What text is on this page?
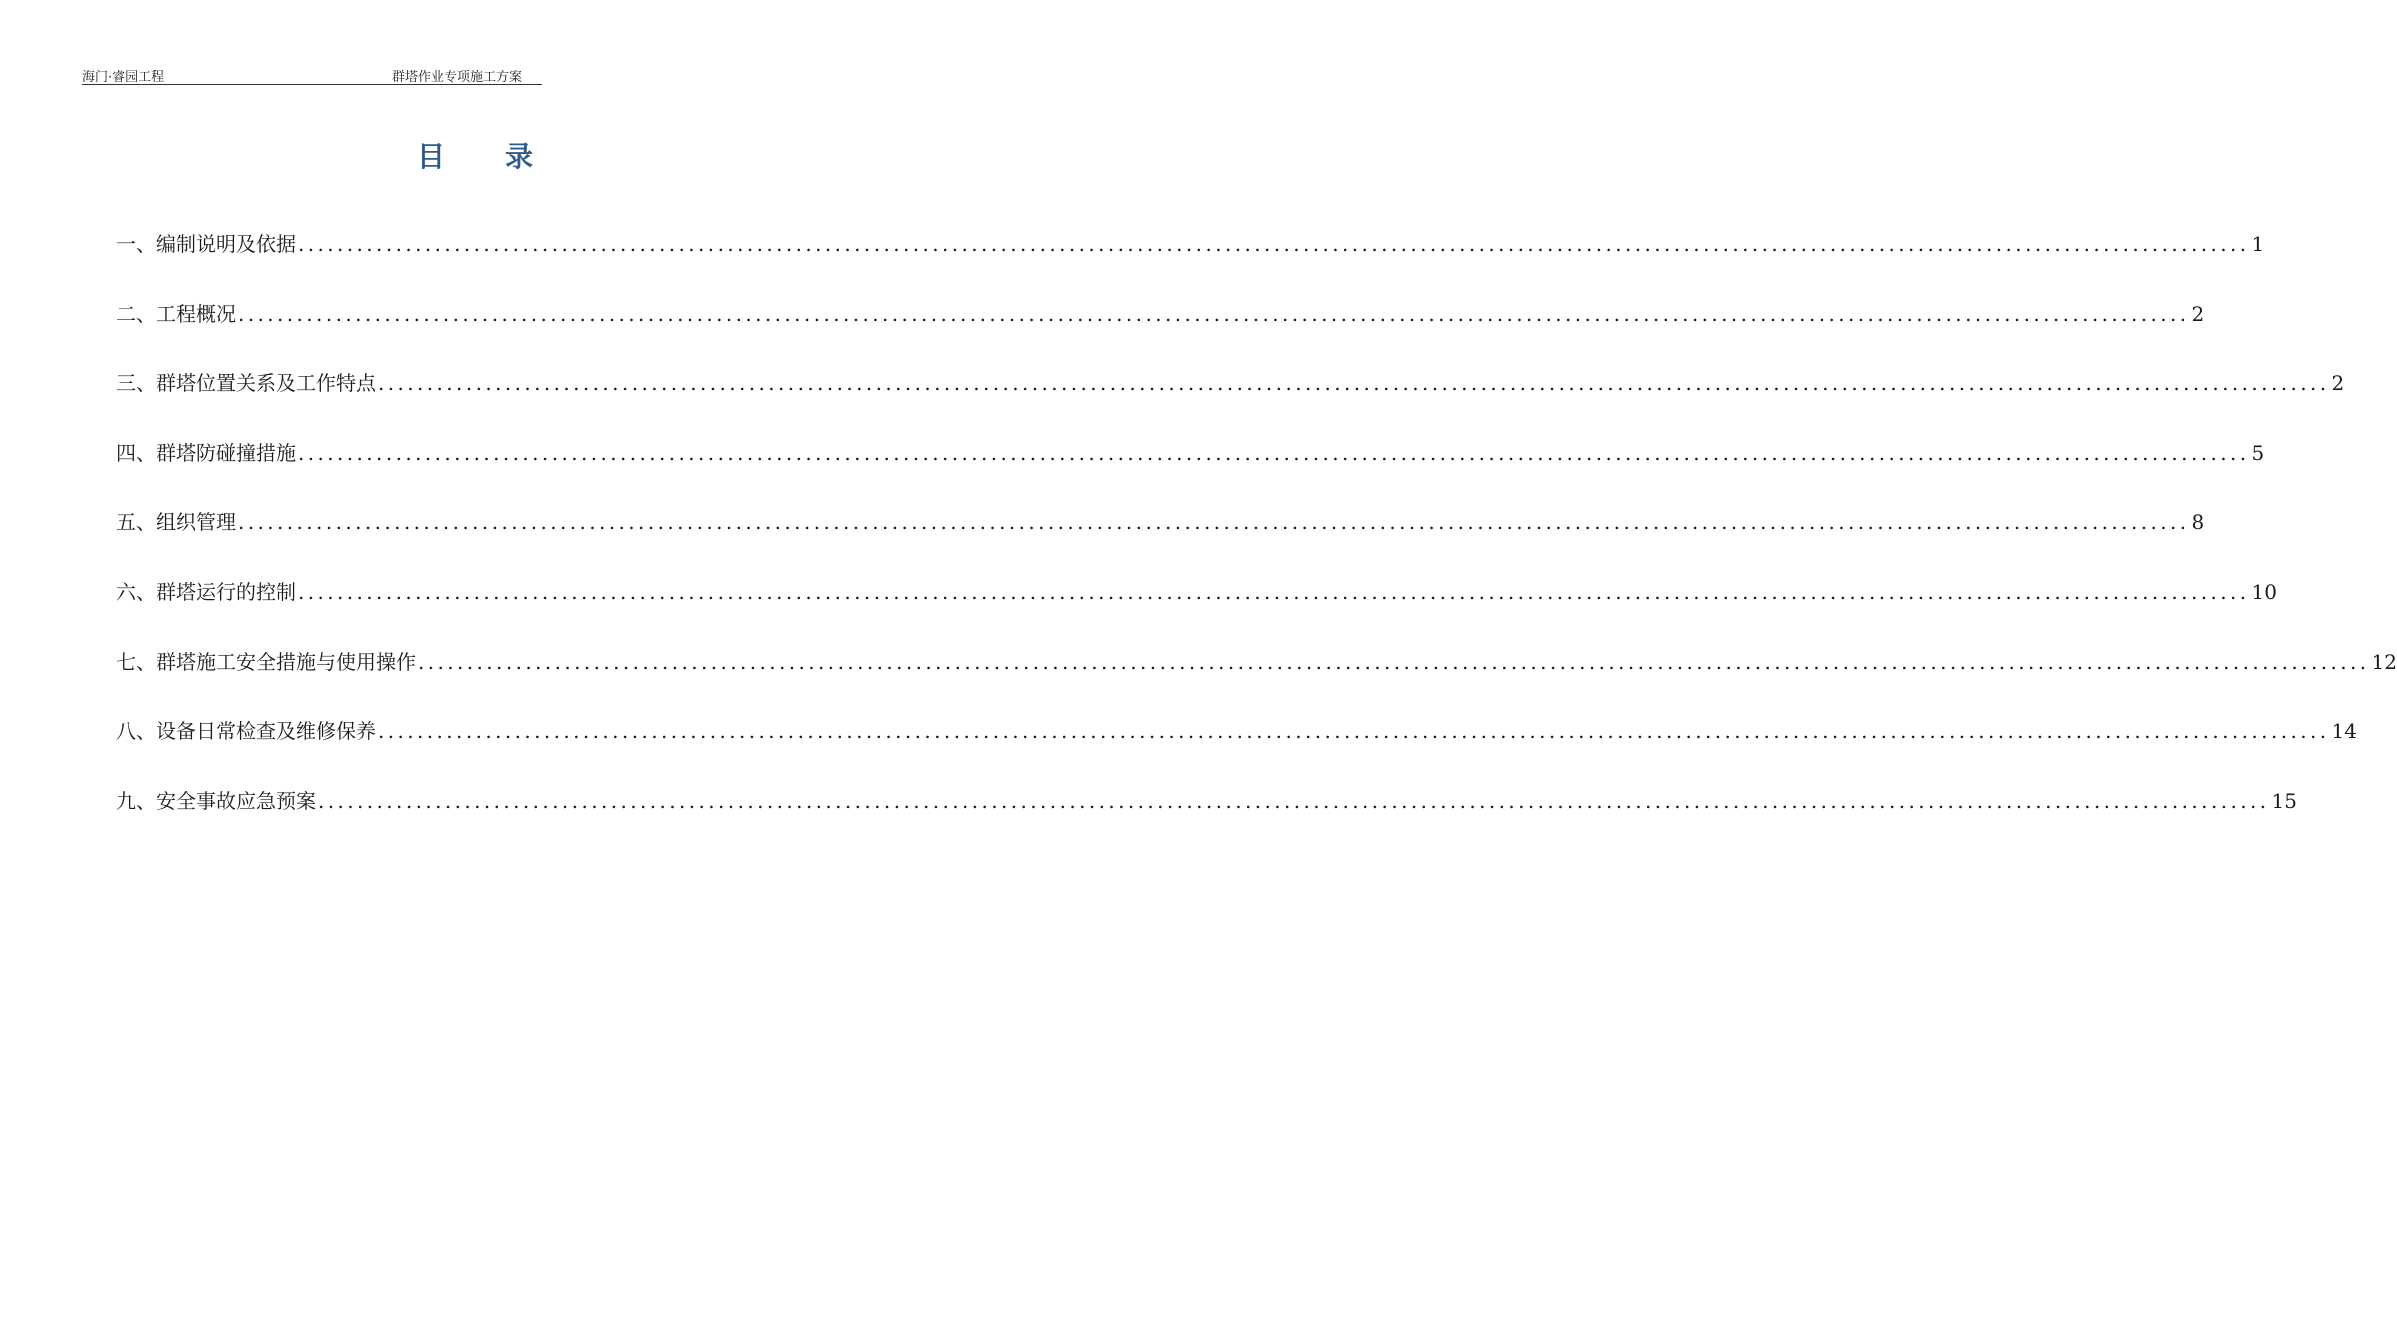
海门·睿园工程	群塔作业专项施工方案
目 录
一、编制说明及依据 ........................................................................................................................................................................................................ 1
二、工程概况 ........................................................................................................................................................................................................ 2
三、群塔位置关系及工作特点 ........................................................................................................................................................................................................ 2
四、群塔防碰撞措施 ........................................................................................................................................................................................................ 5
五、组织管理 ........................................................................................................................................................................................................ 8
六、群塔运行的控制 ........................................................................................................................................................................................................ 10
七、群塔施工安全措施与使用操作 ........................................................................................................................................................................................................ 12
八、设备日常检查及维修保养 ........................................................................................................................................................................................................ 14
九、安全事故应急预案 ........................................................................................................................................................................................................ 15
